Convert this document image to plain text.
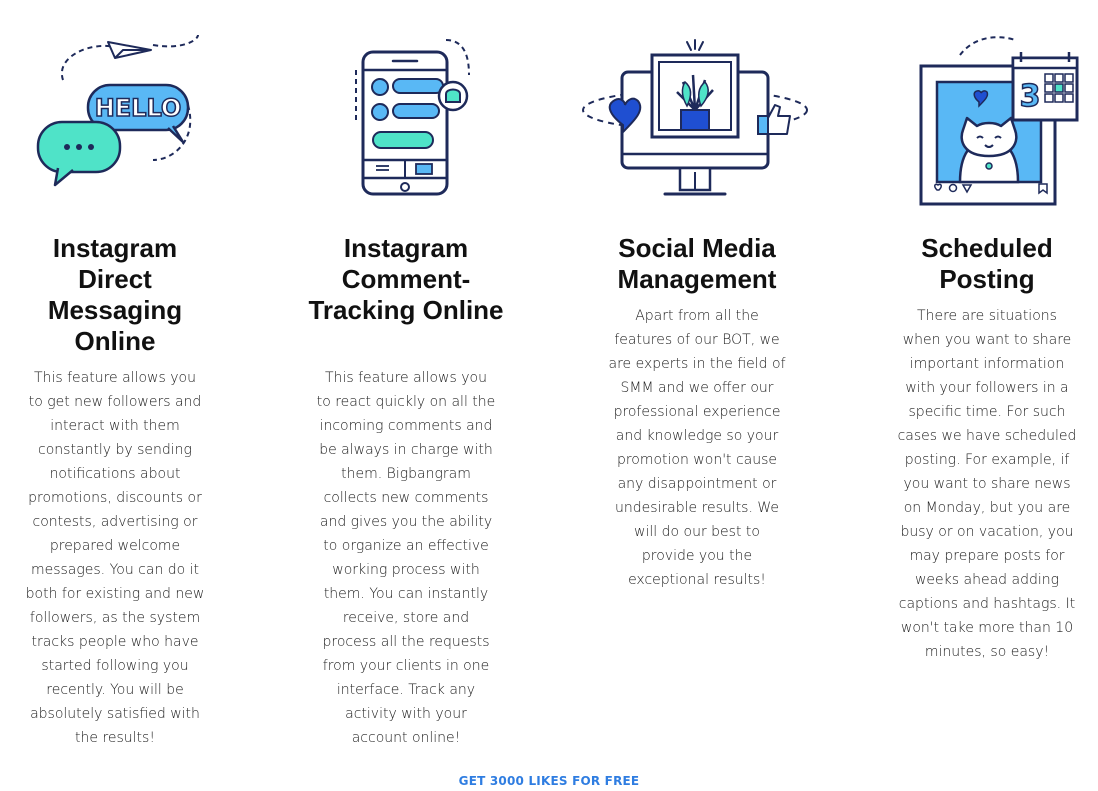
HELLO
Instagram Direct Messaging Online
This feature allows you to get new followers and interact with them constantly by sending notifications about promotions, discounts or contests, advertising or prepared welcome messages. You can do it both for existing and new followers, as the system tracks people who have started following you recently. You will be absolutely satisfied with the results!
Instagram Comment-Tracking Online
This feature allows you to react quickly on all the incoming comments and be always in charge with them. Bigbangram collects new comments and gives you the ability to organize an effective working process with them. You can instantly receive, store and process all the requests from your clients in one interface. Track any activity with your account online!
Social Media Management
Apart from all the features of our BOT, we are experts in the field of SMM and we offer our professional experience and knowledge so your promotion won't cause any disappointment or undesirable results. We will do our best to provide you the exceptional results!
3
Scheduled Posting
There are situations when you want to share important information with your followers in a specific time. For such cases we have scheduled posting. For example, if you want to share news on Monday, but you are busy or on vacation, you may prepare posts for weeks ahead adding captions and hashtags. It won't take more than 10 minutes, so easy!
GET 3000 LIKES FOR FREE
